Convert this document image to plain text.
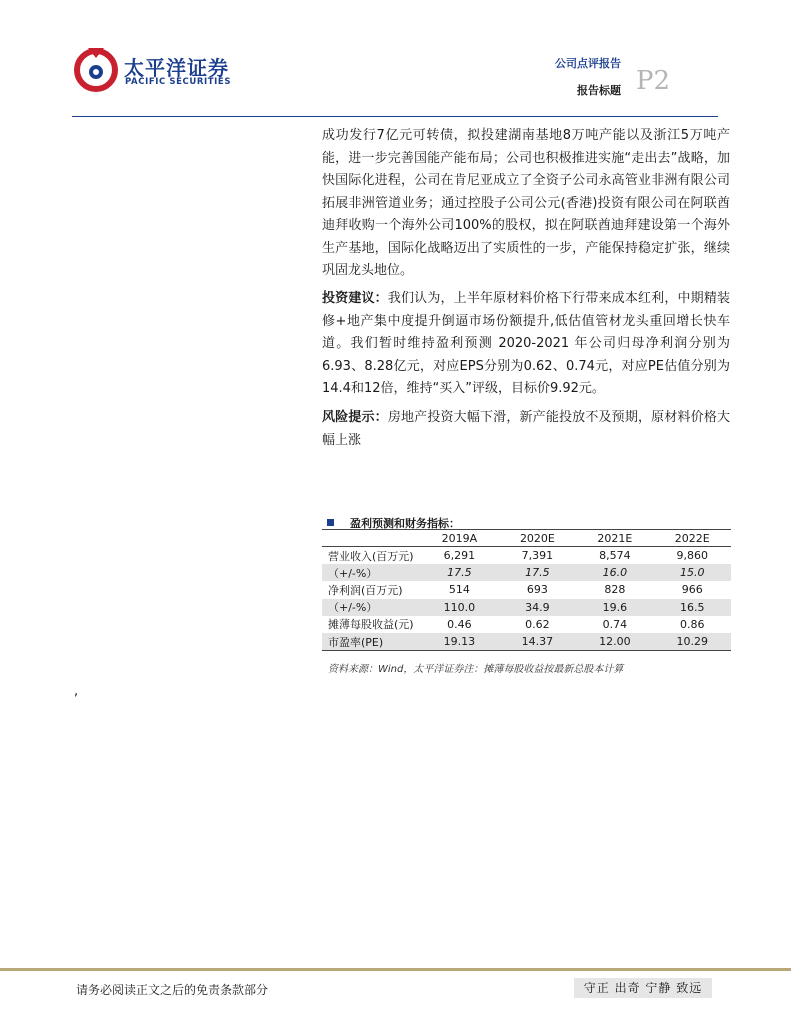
太平洋证券
PACIFIC SECURITIES
公司点评报告
报告标题 P2

成功发行7亿元可转债，拟投建湖南基地8万吨产能以及浙江5万吨产能，进一步完善国能产能布局；公司也积极推进实施“走出去”战略，加快国际化进程，公司在肯尼亚成立了全资子公司永高管业非洲有限公司拓展非洲管道业务；通过控股子公司公元(香港)投资有限公司在阿联酋迪拜收购一个海外公司100%的股权，拟在阿联酋迪拜建设第一个海外生产基地，国际化战略迈出了实质性的一步，产能保持稳定扩张，继续巩固龙头地位。

投资建议：我们认为，上半年原材料价格下行带来成本红利，中期精装修+地产集中度提升倒逼市场份额提升,低估值管材龙头重回增长快车道。我们暂时维持盈利预测 2020-2021 年公司归母净利润分别为6.93、8.28亿元，对应EPS分别为0.62、0.74元，对应PE估值分别为14.4和12倍，维持“买入”评级，目标价9.92元。

风险提示：房地产投资大幅下滑，新产能投放不及预期，原材料价格大幅上涨

盈利预测和财务指标：
	2019A	2020E	2021E	2022E
营业收入(百万元)	6,291	7,391	8,574	9,860
（+/-%）	17.5	17.5	16.0	15.0
净利润(百万元)	514	693	828	966
（+/-%）	110.0	34.9	19.6	16.5
摊薄每股收益(元)	0.46	0.62	0.74	0.86
市盈率(PE)	19.13	14.37	12.00	10.29
资料来源：Wind，太平洋证券注：摊薄每股收益按最新总股本计算
,
请务必阅读正文之后的免责条款部分	守正 出奇 宁静 致远
